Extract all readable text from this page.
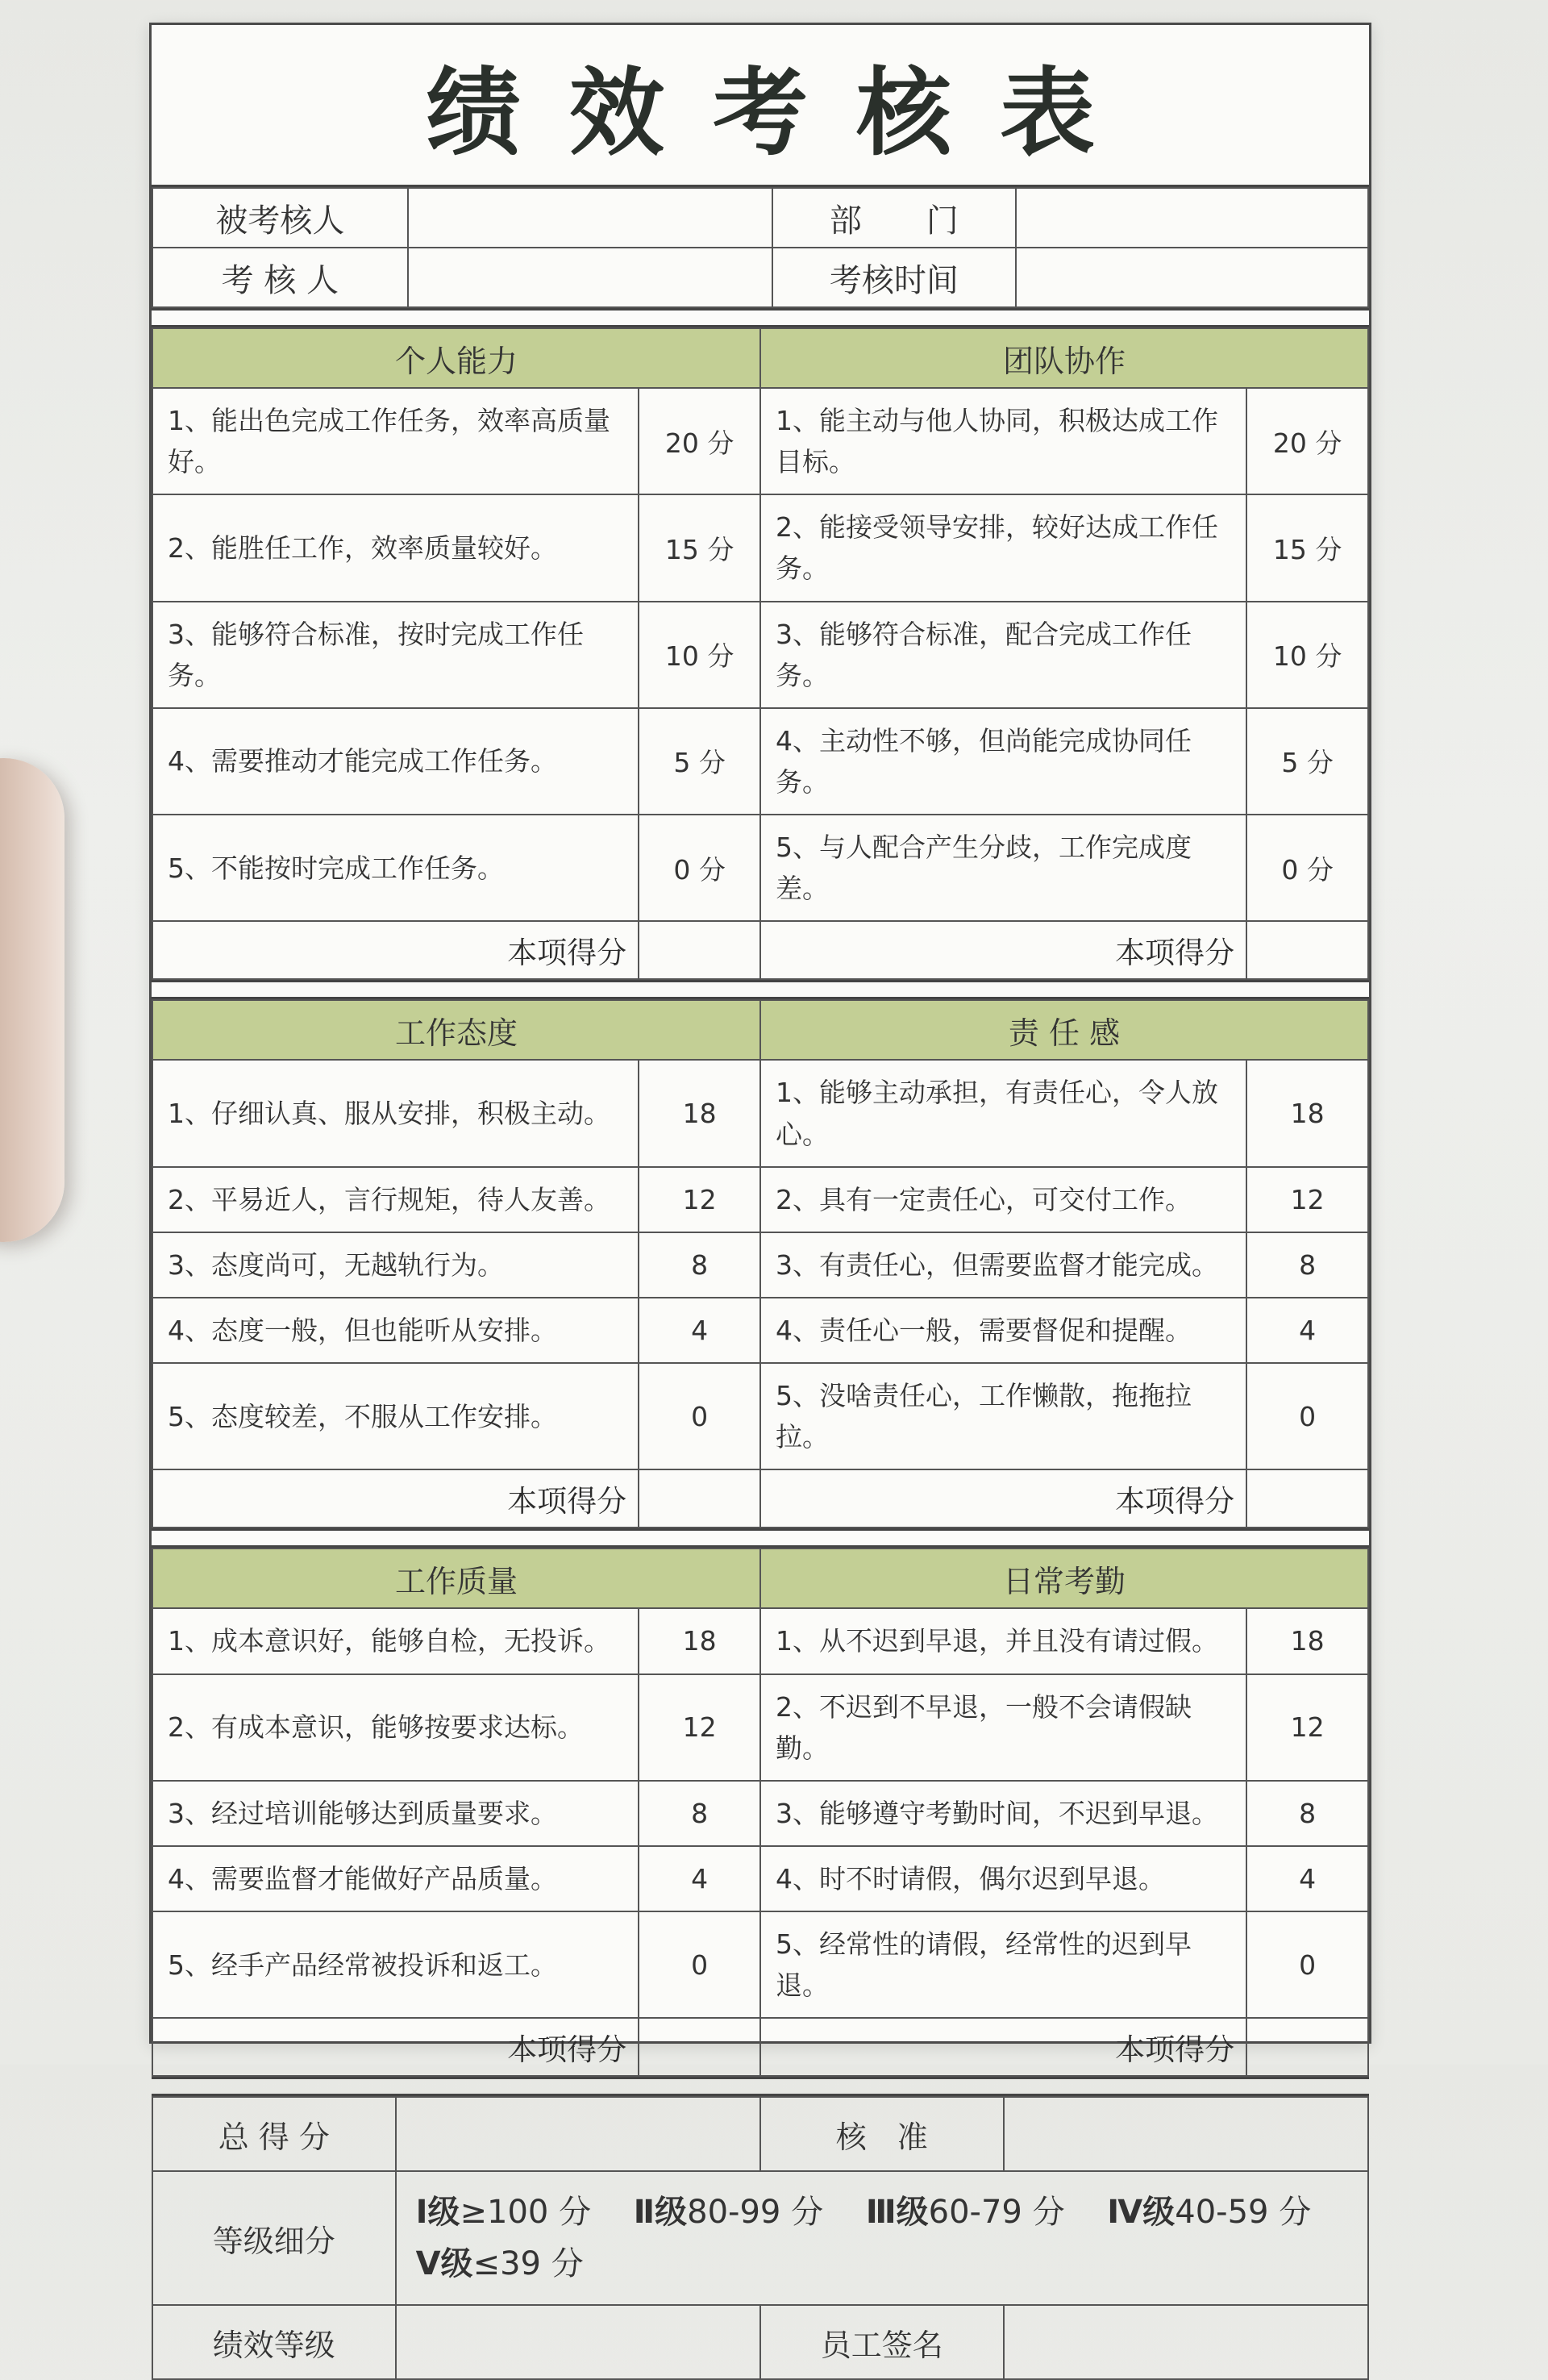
绩效考核表
被考核人		部　　门	
考 核 人		考核时间	
个人能力		团队协作	
1、能出色完成工作任务，效率高质量好。	20 分	1、能主动与他人协同，积极达成工作目标。	20 分
2、能胜任工作，效率质量较好。	15 分	2、能接受领导安排，较好达成工作任务。	15 分
3、能够符合标准，按时完成工作任务。	10 分	3、能够符合标准，配合完成工作任务。	10 分
4、需要推动才能完成工作任务。	5 分	4、主动性不够，但尚能完成协同任务。	5 分
5、不能按时完成工作任务。	0 分	5、与人配合产生分歧，工作完成度差。	0 分
本项得分		本项得分	
工作态度		责 任 感	
1、仔细认真、服从安排，积极主动。	18	1、能够主动承担，有责任心，令人放心。	18
2、平易近人，言行规矩，待人友善。	12	2、具有一定责任心，可交付工作。	12
3、态度尚可，无越轨行为。	8	3、有责任心，但需要监督才能完成。	8
4、态度一般，但也能听从安排。	4	4、责任心一般，需要督促和提醒。	4
5、态度较差，不服从工作安排。	0	5、没啥责任心，工作懒散，拖拖拉拉。	0
本项得分		本项得分	
工作质量		日常考勤	
1、成本意识好，能够自检，无投诉。	18	1、从不迟到早退，并且没有请过假。	18
2、有成本意识，能够按要求达标。	12	2、不迟到不早退，一般不会请假缺勤。	12
3、经过培训能够达到质量要求。	8	3、能够遵守考勤时间，不迟到早退。	8
4、需要监督才能做好产品质量。	4	4、时不时请假，偶尔迟到早退。	4
5、经手产品经常被投诉和返工。	0	5、经常性的请假，经常性的迟到早退。	0
本项得分		本项得分	
总 得 分		核　准	
等级细分	Ⅰ级≥100 分  Ⅱ级80-99 分  Ⅲ级60-79 分  Ⅳ级40-59 分  Ⅴ级≤39 分		
绩效等级		员工签名	
